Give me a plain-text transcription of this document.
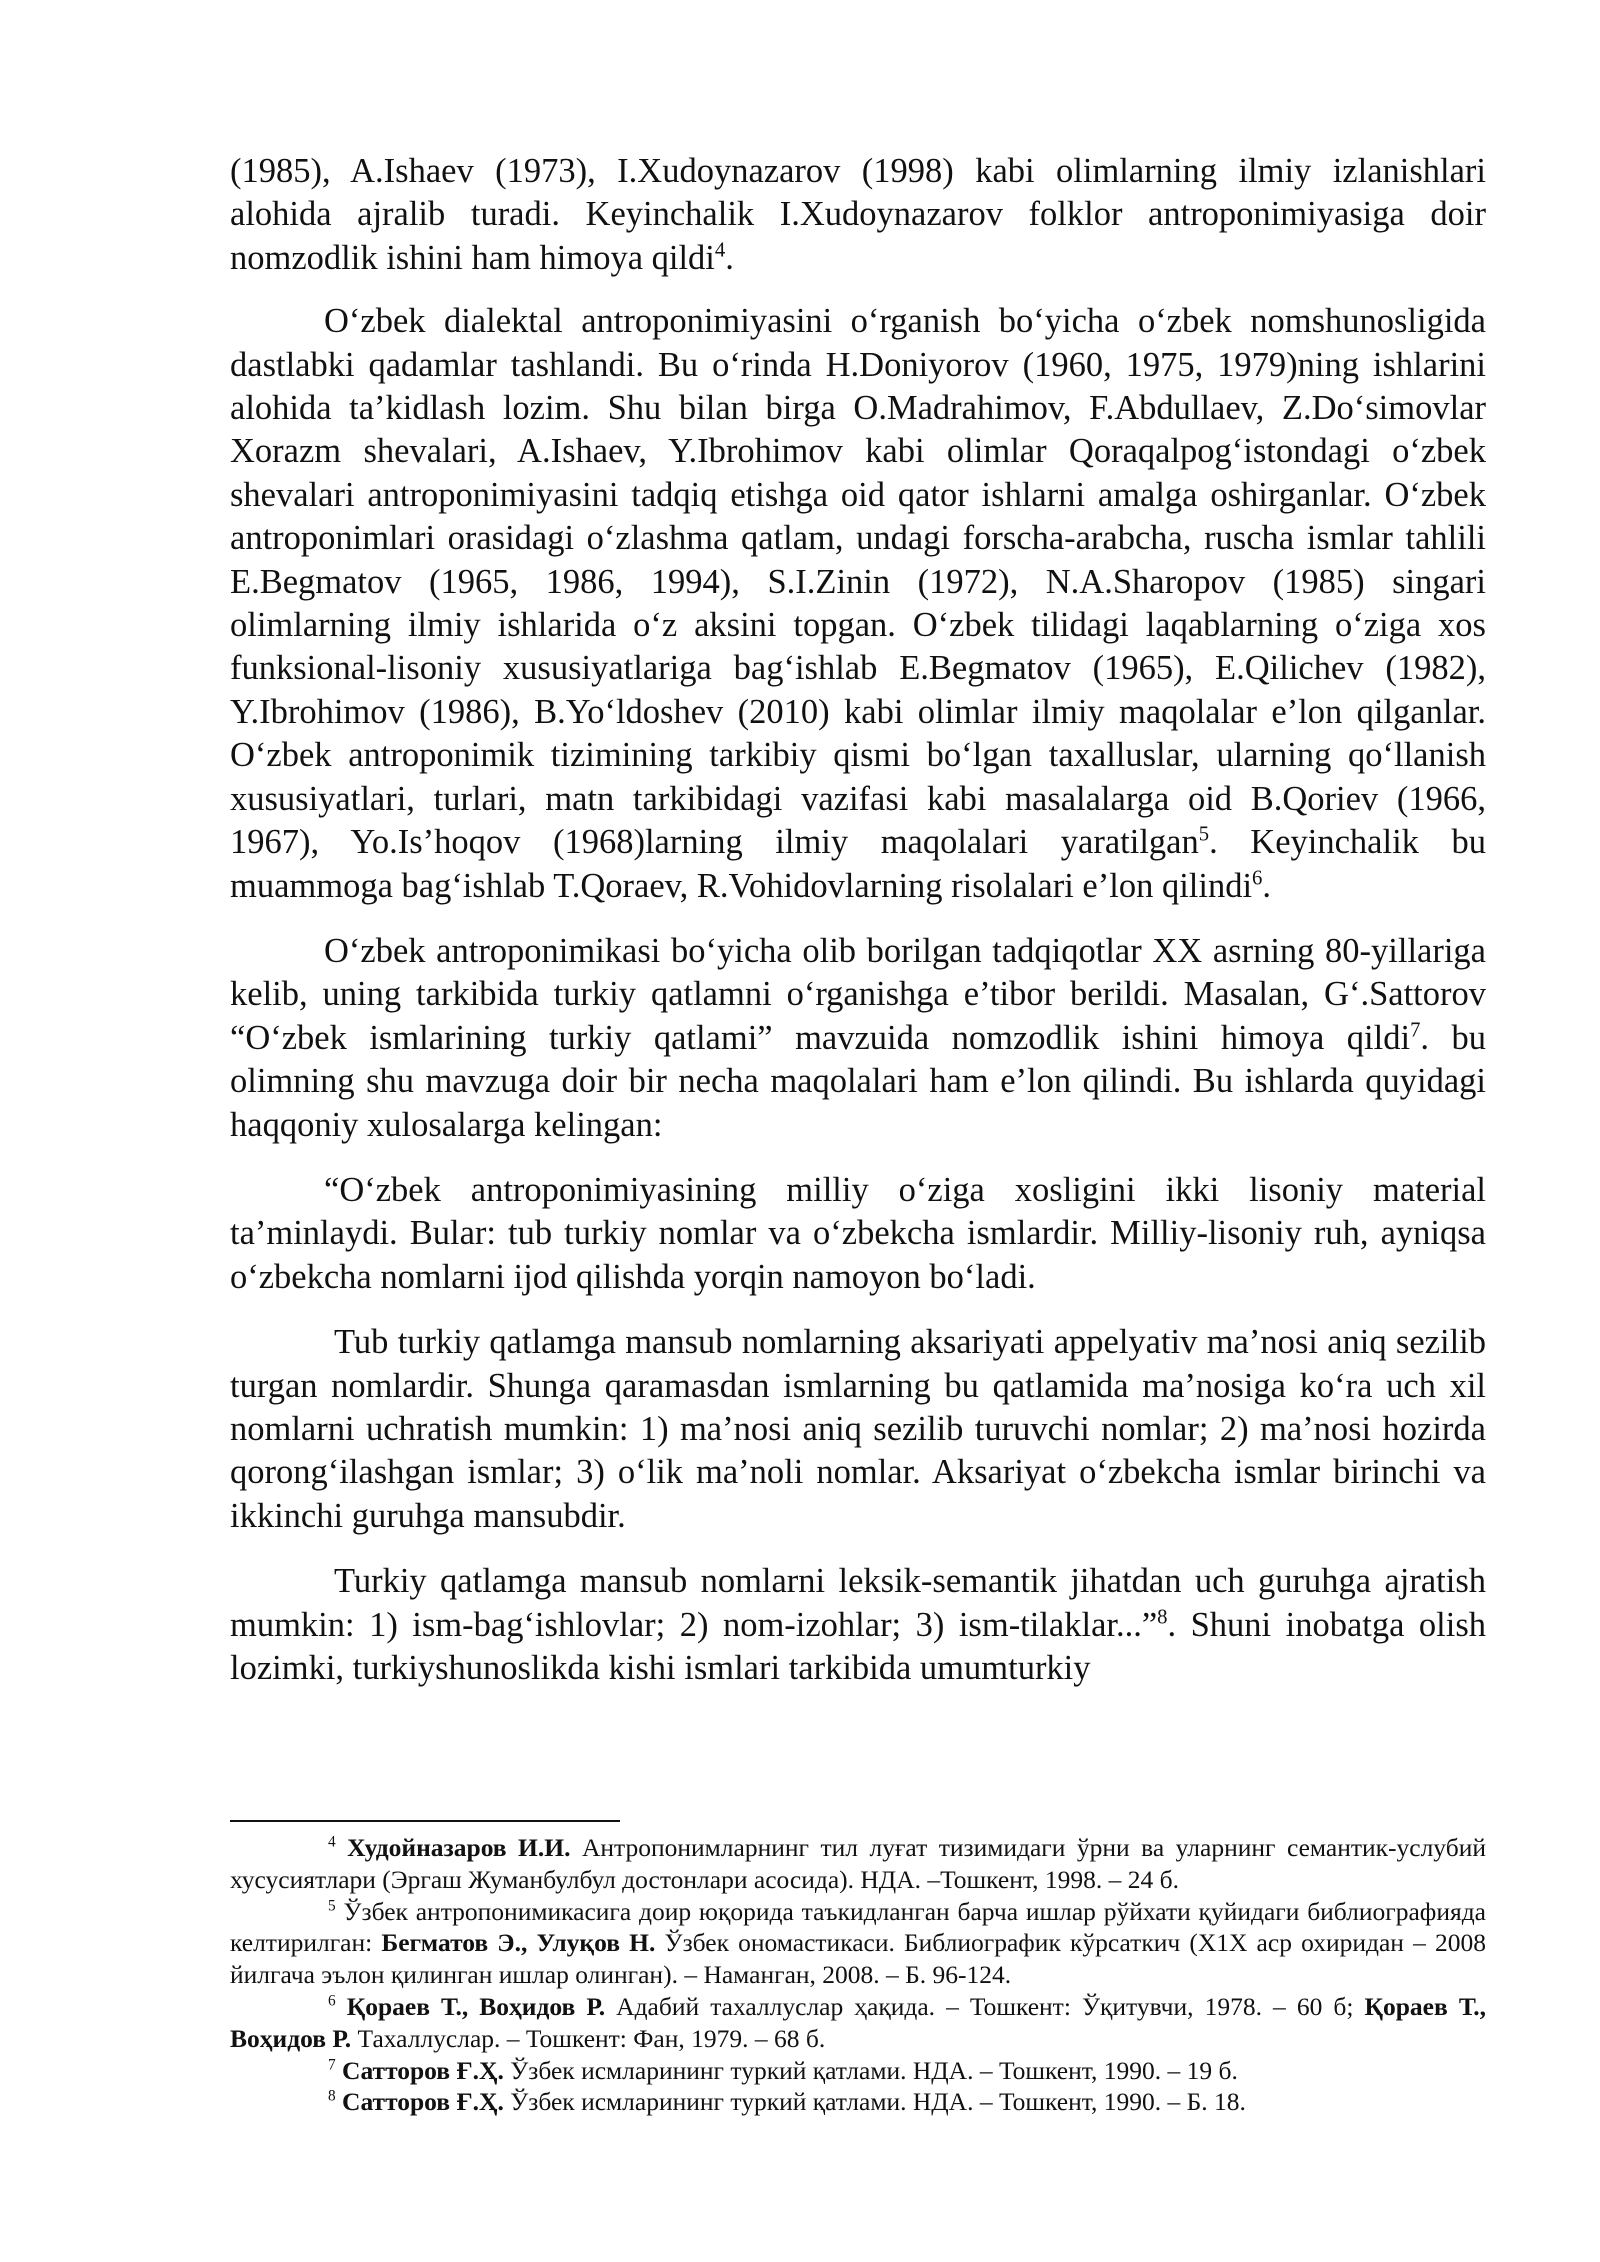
(1985), A.Ishaev (1973), I.Xudoynazarov (1998) kabi olimlarning ilmiy izlanishlari alohida ajralib turadi. Keyinchalik I.Xudoynazarov folklor antroponimiyasiga doir nomzodlik ishini ham himoya qildi$^4$.

O‘zbek dialektal antroponimiyasini o‘rganish bo‘yicha o‘zbek nomshunosligida dastlabki qadamlar tashlandi. Bu o‘rinda H.Doniyorov (1960, 1975, 1979)ning ishlarini alohida ta’kidlash lozim. Shu bilan birga O.Madrahimov, F.Abdullaev, Z.Do‘simovlar Xorazm shevalari, A.Ishaev, Y.Ibrohimov kabi olimlar Qoraqalpog‘istondagi o‘zbek shevalari antroponimiyasini tadqiq etishga oid qator ishlarni amalga oshirganlar. O‘zbek antroponimlari orasidagi o‘zlashma qatlam, undagi forscha-arabcha, ruscha ismlar tahlili E.Begmatov (1965, 1986, 1994), S.I.Zinin (1972), N.A.Sharopov (1985) singari olimlarning ilmiy ishlarida o‘z aksini topgan. O‘zbek tilidagi laqablarning o‘ziga xos funksional-lisoniy xususiyatlariga bag‘ishlab E.Begmatov (1965), E.Qilichev (1982), Y.Ibrohimov (1986), B.Yo‘ldoshev (2010) kabi olimlar ilmiy maqolalar e’lon qilganlar. O‘zbek antroponimik tizimining tarkibiy qismi bo‘lgan taxalluslar, ularning qo‘llanish xususiyatlari, turlari, matn tarkibidagi vazifasi kabi masalalarga oid B.Qoriev (1966, 1967), Yo.Is’hoqov (1968)larning ilmiy maqolalari yaratilgan$^5$. Keyinchalik bu muammoga bag‘ishlab T.Qoraev, R.Vohidovlarning risolalari e’lon qilindi$^6$.

O‘zbek antroponimikasi bo‘yicha olib borilgan tadqiqotlar XX asrning 80-yillariga kelib, uning tarkibida turkiy qatlamni o‘rganishga e’tibor berildi. Masalan, G‘.Sattorov “O‘zbek ismlarining turkiy qatlami” mavzuida nomzodlik ishini himoya qildi$^7$. bu olimning shu mavzuga doir bir necha maqolalari ham e’lon qilindi. Bu ishlarda quyidagi haqqoniy xulosalarga kelingan:

“O‘zbek antroponimiyasining milliy o‘ziga xosligini ikki lisoniy material ta’minlaydi. Bular: tub turkiy nomlar va o‘zbekcha ismlardir. Milliy-lisoniy ruh, ayniqsa o‘zbekcha nomlarni ijod qilishda yorqin namoyon bo‘ladi.

Tub turkiy qatlamga mansub nomlarning aksariyati appelyativ ma’nosi aniq sezilib turgan nomlardir. Shunga qaramasdan ismlarning bu qatlamida ma’nosiga ko‘ra uch xil nomlarni uchratish mumkin: 1) ma’nosi aniq sezilib turuvchi nomlar; 2) ma’nosi hozirda qorong‘ilashgan ismlar; 3) o‘lik ma’noli nomlar. Aksariyat o‘zbekcha ismlar birinchi va ikkinchi guruhga mansubdir.

Turkiy qatlamga mansub nomlarni leksik-semantik jihatdan uch guruhga ajratish mumkin: 1) ism-bag‘ishlovlar; 2) nom-izohlar; 3) ism-tilaklar...”$^8$. Shuni inobatga olish lozimki, turkiyshunoslikda kishi ismlari tarkibida umumturkiy

$^4$ Худойназаров И.И. Антропонимларнинг тил луғат тизимидаги ўрни ва уларнинг семантик-услубий хусусиятлари (Эргаш Жуманбулбул достонлари асосида). НДА. –Тошкент, 1998. – 24 б.

$^5$ Ўзбек антропонимикасига доир юқорида таъкидланган барча ишлар рўйхати қуйидаги библиографияда келтирилган: Бегматов Э., Улуқов Н. Ўзбек ономастикаси. Библиографик кўрсаткич (Х1Х аср охиридан – 2008 йилгача эълон қилинган ишлар олинган). – Наманган, 2008. – Б. 96-124.

$^6$ Қораев Т., Воҳидов Р. Адабий тахаллуслар ҳақида. – Тошкент: Ўқитувчи, 1978. – 60 б; Қораев Т., Воҳидов Р. Тахаллуслар. – Тошкент: Фан, 1979. – 68 б.

$^7$ Сатторов Ғ.Ҳ. Ўзбек исмларининг туркий қатлами. НДА. – Тошкент, 1990. – 19 б.

$^8$ Сатторов Ғ.Ҳ. Ўзбек исмларининг туркий қатлами. НДА. – Тошкент, 1990. – Б. 18.
